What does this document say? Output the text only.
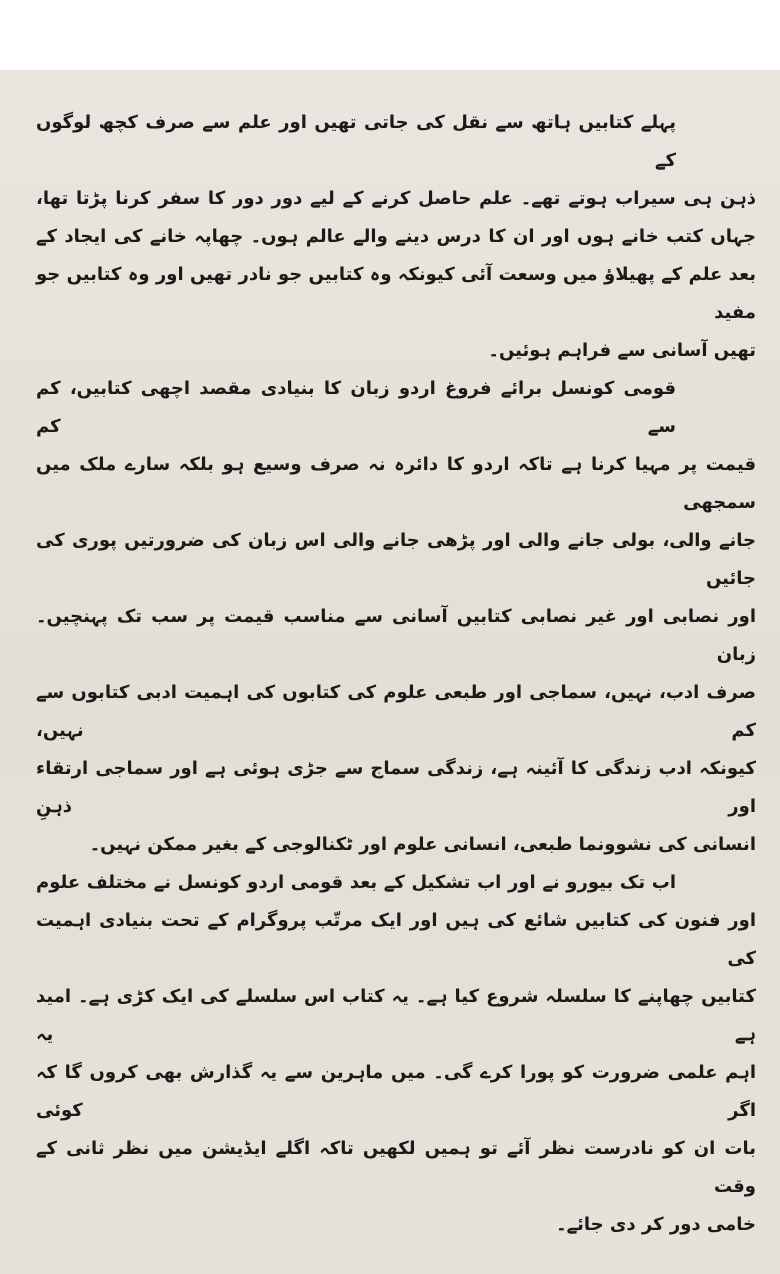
پہلے کتابیں ہاتھ سے نقل کی جاتی تھیں اور علم سے صرف کچھ لوگوں کے
ذہن ہی سیراب ہوتے تھے۔ علم حاصل کرنے کے لیے دور دور کا سفر کرنا پڑتا تھا،
جہاں کتب خانے ہوں اور ان کا درس دینے والے عالم ہوں۔ چھاپہ خانے کی ایجاد کے
بعد علم کے پھیلاؤ میں وسعت آئی کیونکہ وہ کتابیں جو نادر تھیں اور وہ کتابیں جو مفید
تھیں آسانی سے فراہم ہوئیں۔
قومی کونسل برائے فروغ اردو زبان کا بنیادی مقصد اچھی کتابیں، کم سے کم
قیمت پر مہیا کرنا ہے تاکہ اردو کا دائرہ نہ صرف وسیع ہو بلکہ سارے ملک میں سمجھی
جانے والی، بولی جانے والی اور پڑھی جانے والی اس زبان کی ضرورتیں پوری کی جائیں
اور نصابی اور غیر نصابی کتابیں آسانی سے مناسب قیمت پر سب تک پہنچیں۔ زبان
صرف ادب، نہیں، سماجی اور طبعی علوم کی کتابوں کی اہمیت ادبی کتابوں سے کم نہیں،
کیونکہ ادب زندگی کا آئینہ ہے، زندگی سماج سے جڑی ہوئی ہے اور سماجی ارتقاء اور ذہنِ
انسانی کی نشوونما طبعی، انسانی علوم اور ٹکنالوجی کے بغیر ممکن نہیں۔
اب تک بیورو نے اور اب تشکیل کے بعد قومی اردو کونسل نے مختلف علوم
اور فنون کی کتابیں شائع کی ہیں اور ایک مرتّب پروگرام کے تحت بنیادی اہمیت کی
کتابیں چھاپنے کا سلسلہ شروع کیا ہے۔ یہ کتاب اس سلسلے کی ایک کڑی ہے۔ امید ہے یہ
اہم علمی ضرورت کو پورا کرے گی۔ میں ماہرین سے یہ گذارش بھی کروں گا کہ اگر کوئی
بات ان کو نادرست نظر آئے تو ہمیں لکھیں تاکہ اگلے ایڈیشن میں نظر ثانی کے وقت
خامی دور کر دی جائے۔
